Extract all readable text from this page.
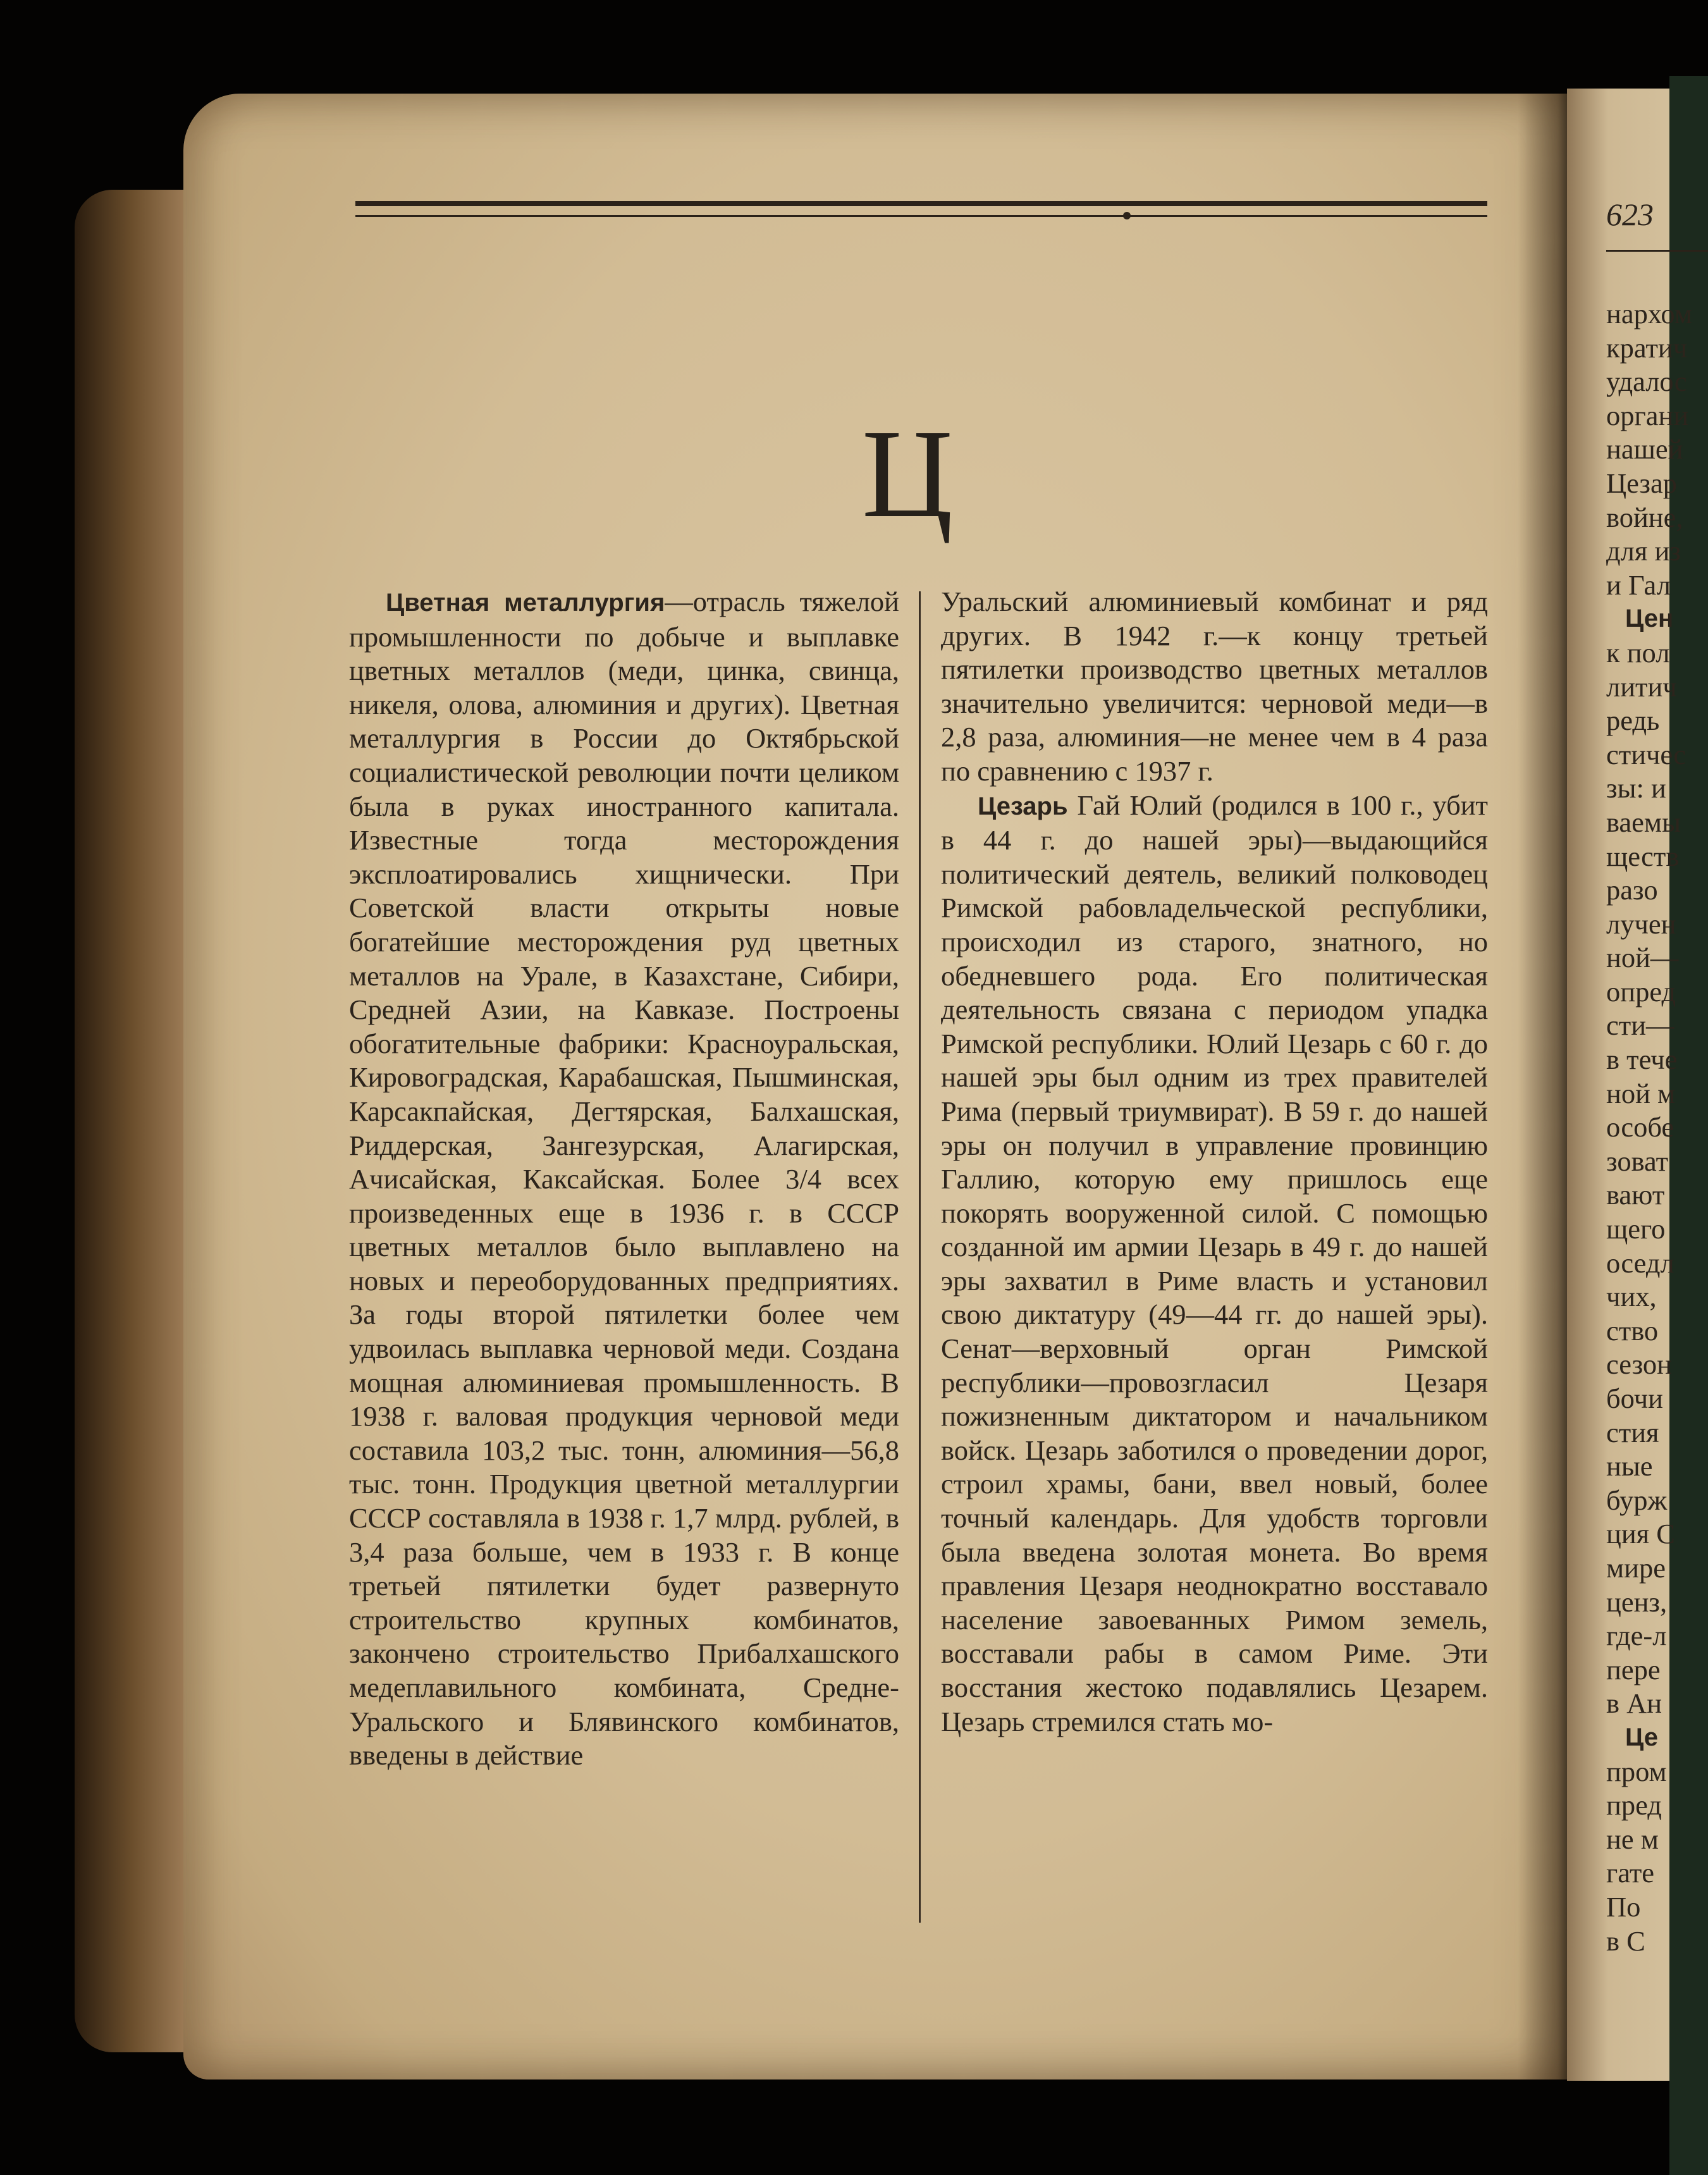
Ц

Цветная металлургия—отрасль тяжелой промышленности по добыче и выплавке цветных металлов (меди, цинка, свинца, никеля, олова, алюминия и других). Цветная металлургия в России до Октябрьской социалистической революции почти целиком была в руках иностранного капитала. Известные тогда месторождения эксплоатировались хищнически. При Советской власти открыты новые богатейшие месторождения руд цветных металлов на Урале, в Казахстане, Сибири, Средней Азии, на Кавказе. Построены обогатительные фабрики: Красноуральская, Кировоградская, Карабашская, Пышминская, Карсакпайская, Дегтярская, Балхашская, Риддерская, Зангезурская, Алагирская, Ачисайская, Каксайская. Более 3/4 всех произведенных еще в 1936 г. в СССР цветных металлов было выплавлено на новых и переоборудованных предприятиях. За годы второй пятилетки более чем удвоилась выплавка черновой меди. Создана мощная алюминиевая промышленность. В 1938 г. валовая продукция черновой меди составила 103,2 тыс. тонн, алюминия—56,8 тыс. тонн. Продукция цветной металлургии СССР составляла в 1938 г. 1,7 млрд. рублей, в 3,4 раза больше, чем в 1933 г. В конце третьей пятилетки будет развернуто строительство крупных комбинатов, закончено строительство Прибалхашского медеплавильного комбината, Средне-Уральского и Блявинского комбинатов, введены в действие

Уральский алюминиевый комбинат и ряд других. В 1942 г.—к концу третьей пятилетки производство цветных металлов значительно увеличится: черновой меди—в 2,8 раза, алюминия—не менее чем в 4 раза по сравнению с 1937 г.

Цезарь Гай Юлий (родился в 100 г., убит в 44 г. до нашей эры)—выдающийся политический деятель, великий полководец Римской рабовладельческой республики, происходил из старого, знатного, но обедневшего рода. Его политическая деятельность связана с периодом упадка Римской республики. Юлий Цезарь с 60 г. до нашей эры был одним из трех правителей Рима (первый триумвират). В 59 г. до нашей эры он получил в управление провинцию Галлию, которую ему пришлось еще покорять вооруженной силой. С помощью созданной им армии Цезарь в 49 г. до нашей эры захватил в Риме власть и установил свою диктатуру (49—44 гг. до нашей эры). Сенат—верховный орган Римской республики—провозгласил Цезаря пожизненным диктатором и начальником войск. Цезарь заботился о проведении дорог, строил храмы, бани, ввел новый, более точный календарь. Для удобств торговли была введена золотая монета. Во время правления Цезаря неоднократно восставало население завоеванных Римом земель, восставали рабы в самом Риме. Эти восстания жестоко подавлялись Цезарем. Цезарь стремился стать мо-

623
нархом
кратич
удалос
органи
нашей
Цезар
войне,
для из
и Гал
Цен
к пол
литич
редь
стичес
зы: и
ваемы
ществ
разо
лучен
ной—
опред
сти—
в тече
ной м
особе
зоват
вают
щего
оседл
чих,
ство
сезон
бочи
стия
ные
бурж
ция С
мире
ценз,
где-л
пере
в Ан
Це
пром
пред
не м
гате
По
в С
